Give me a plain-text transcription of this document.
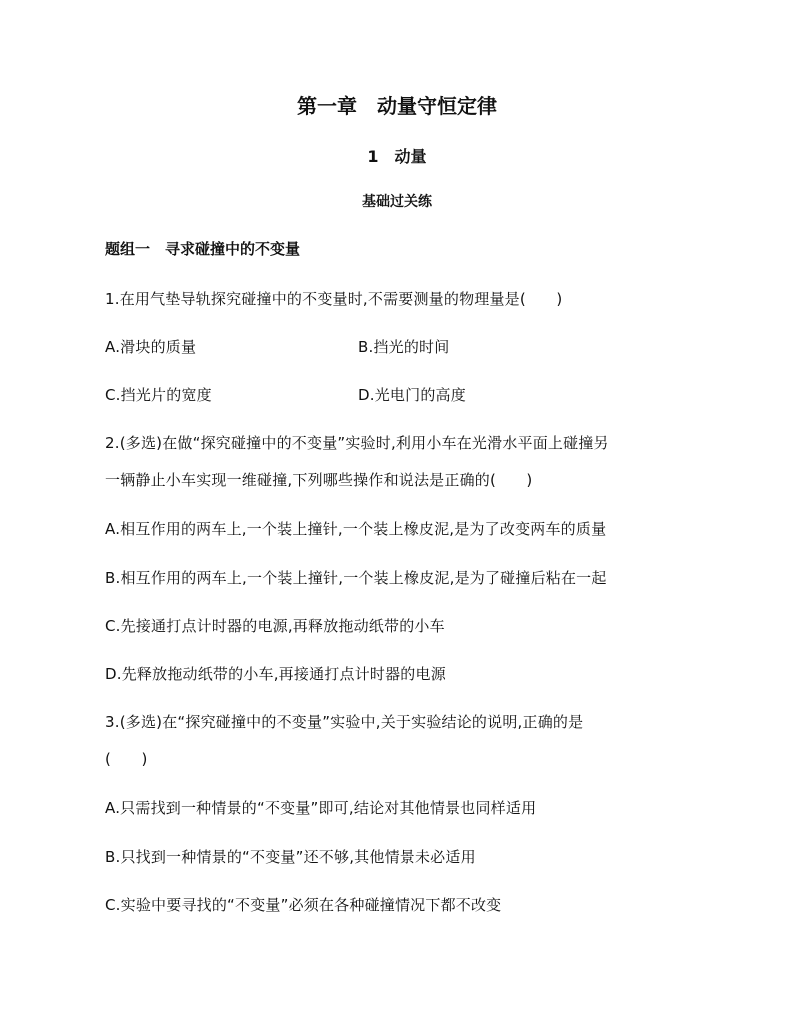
第一章　动量守恒定律
1　动量
基础过关练
题组一　寻求碰撞中的不变量
1.在用气垫导轨探究碰撞中的不变量时,不需要测量的物理量是(　　)
A.滑块的质量	B.挡光的时间
C.挡光片的宽度	D.光电门的高度
2.(多选)在做“探究碰撞中的不变量”实验时,利用小车在光滑水平面上碰撞另
一辆静止小车实现一维碰撞,下列哪些操作和说法是正确的(　　)
A.相互作用的两车上,一个装上撞针,一个装上橡皮泥,是为了改变两车的质量
B.相互作用的两车上,一个装上撞针,一个装上橡皮泥,是为了碰撞后粘在一起
C.先接通打点计时器的电源,再释放拖动纸带的小车
D.先释放拖动纸带的小车,再接通打点计时器的电源
3.(多选)在“探究碰撞中的不变量”实验中,关于实验结论的说明,正确的是
(　　)
A.只需找到一种情景的“不变量”即可,结论对其他情景也同样适用
B.只找到一种情景的“不变量”还不够,其他情景未必适用
C.实验中要寻找的“不变量”必须在各种碰撞情况下都不改变
